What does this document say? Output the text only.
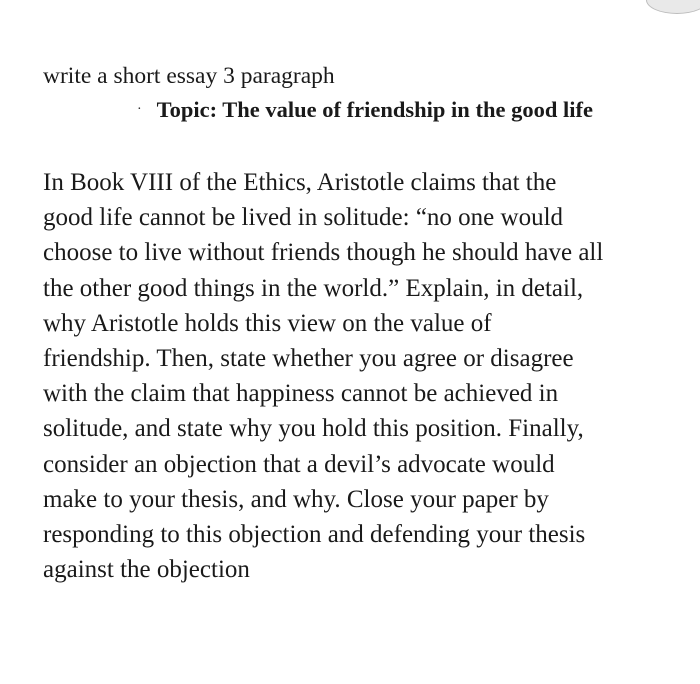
write a short essay 3 paragraph
· Topic: The value of friendship in the good life
In Book VIII of the Ethics, Aristotle claims that the
good life cannot be lived in solitude: “no one would
choose to live without friends though he should have all
the other good things in the world.” Explain, in detail,
why Aristotle holds this view on the value of
friendship. Then, state whether you agree or disagree
with the claim that happiness cannot be achieved in
solitude, and state why you hold this position. Finally,
consider an objection that a devil’s advocate would
make to your thesis, and why. Close your paper by
responding to this objection and defending your thesis
against the objection
